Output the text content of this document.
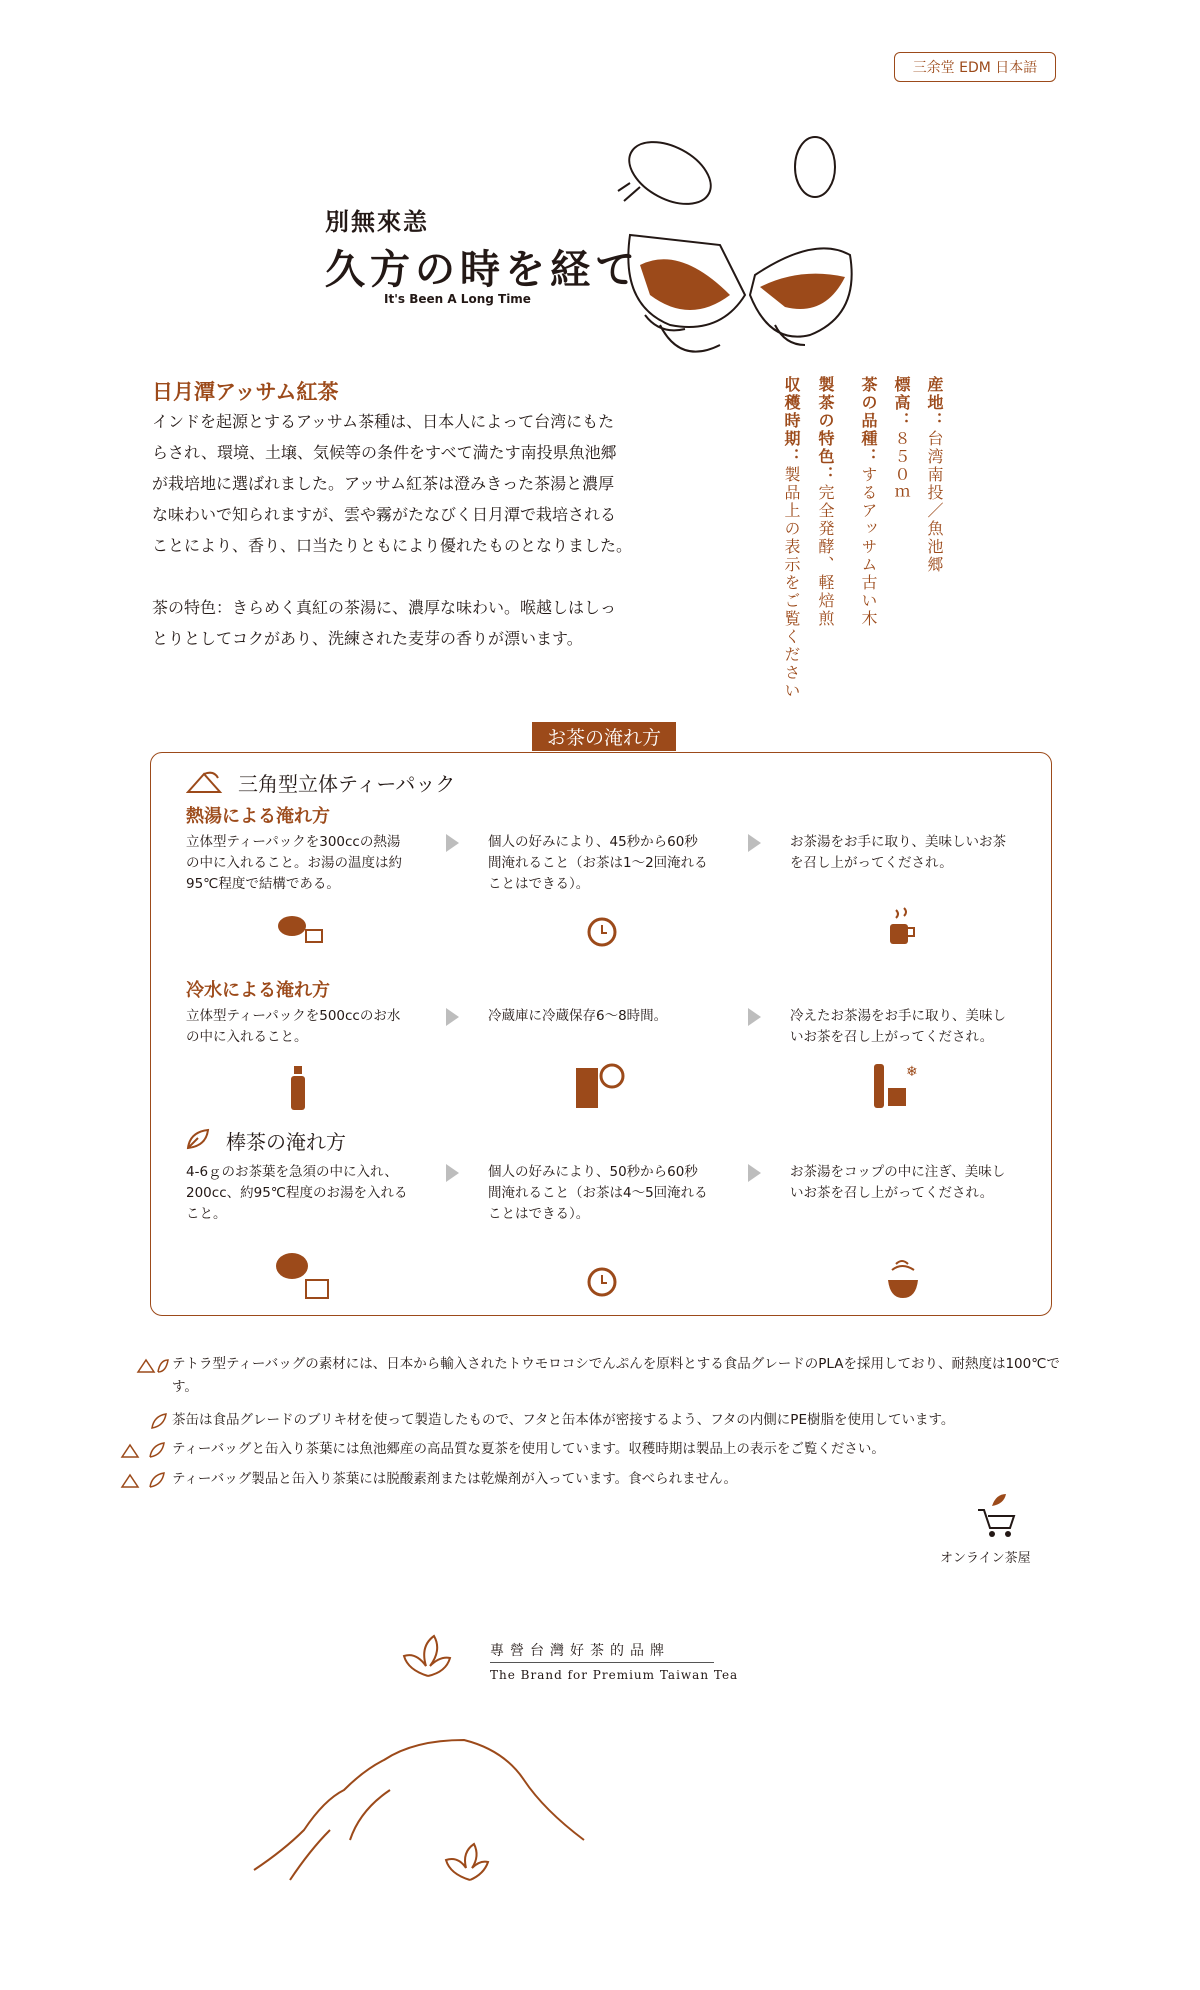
三余堂 EDM 日本語
別無來恙
久方の時を経て
It's Been A Long Time
日月潭アッサム紅茶
インドを起源とするアッサム茶種は、日本人によって台湾にもた
らされ、環境、土壌、気候等の条件をすべて満たす南投県魚池郷
が栽培地に選ばれました。アッサム紅茶は澄みきった茶湯と濃厚
な味わいで知られますが、雲や霧がたなびく日月潭で栽培される
ことにより、香り、口当たりともにより優れたものとなりました。
茶の特色：きらめく真紅の茶湯に、濃厚な味わい。喉越しはしっ
とりとしてコクがあり、洗練された麦芽の香りが漂います。
産地：台湾南投／魚池郷
標高：８５０ｍ
茶の品種：するアッサム古い木
製茶の特色：完全発酵、軽焙煎
収穫時期：製品上の表示をご覧ください
お茶の淹れ方
三角型立体ティーパック
熱湯による淹れ方
立体型ティーパックを300ccの熱湯の中に入れること。お湯の温度は約95℃程度で結構である。
個人の好みにより、45秒から60秒間淹れること（お茶は1〜2回淹れることはできる）。
お茶湯をお手に取り、美味しいお茶を召し上がってくだされ。
冷水による淹れ方
立体型ティーパックを500ccのお水の中に入れること。
冷蔵庫に冷蔵保存6〜8時間。	冷えたお茶湯をお手に取り、美味しいお茶を召し上がってくだされ。
❄
棒茶の淹れ方
4-6ｇのお茶葉を急須の中に入れ、200cc、約95℃程度のお湯を入れること。
個人の好みにより、50秒から60秒間淹れること（お茶は4〜5回淹れることはできる）。
お茶湯をコップの中に注ぎ、美味しいお茶を召し上がってくだされ。
テトラ型ティーバッグの素材には、日本から輸入されたトウモロコシでんぷんを原料とする食品グレードのPLAを採用しており、耐熱度は100℃です。
茶缶は食品グレードのブリキ材を使って製造したもので、フタと缶本体が密接するよう、フタの内側にPE樹脂を使用しています。
ティーバッグと缶入り茶葉には魚池郷産の高品質な夏茶を使用しています。収穫時期は製品上の表示をご覧ください。
ティーバッグ製品と缶入り茶葉には脱酸素剤または乾燥剤が入っています。食べられません。
オンライン茶屋
專營台灣好茶的品牌
The Brand for Premium Taiwan Tea
